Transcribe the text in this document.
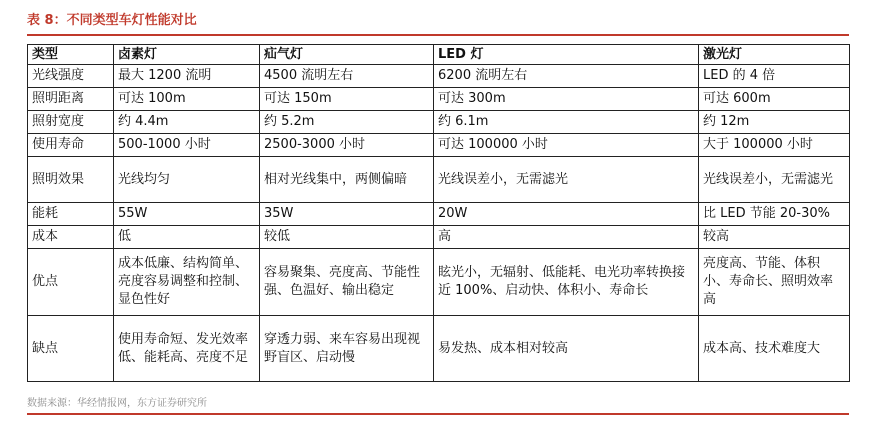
表 8：不同类型车灯性能对比
类型	卤素灯	疝气灯	LED 灯	激光灯
光线强度	最大 1200 流明	4500 流明左右	6200 流明左右	LED 的 4 倍
照明距离	可达 100m	可达 150m	可达 300m	可达 600m
照射宽度	约 4.4m	约 5.2m	约 6.1m	约 12m
使用寿命	500-1000 小时	2500-3000 小时	可达 100000 小时	大于 100000 小时
照明效果	光线均匀	相对光线集中，两侧偏暗	光线误差小，无需滤光	光线误差小，无需滤光
能耗	55W	35W	20W	比 LED 节能 20-30%
成本	低	较低	高	较高
优点	成本低廉、结构简单、亮度容易调整和控制、显色性好	容易聚集、亮度高、节能性强、色温好、输出稳定	眩光小，无辐射、低能耗、电光功率转换接近 100%、启动快、体积小、寿命长	亮度高、节能、体积小、寿命长、照明效率高
缺点	使用寿命短、发光效率低、能耗高、亮度不足	穿透力弱、来车容易出现视野盲区、启动慢	易发热、成本相对较高	成本高、技术难度大
数据来源：华经情报网，东方证券研究所
